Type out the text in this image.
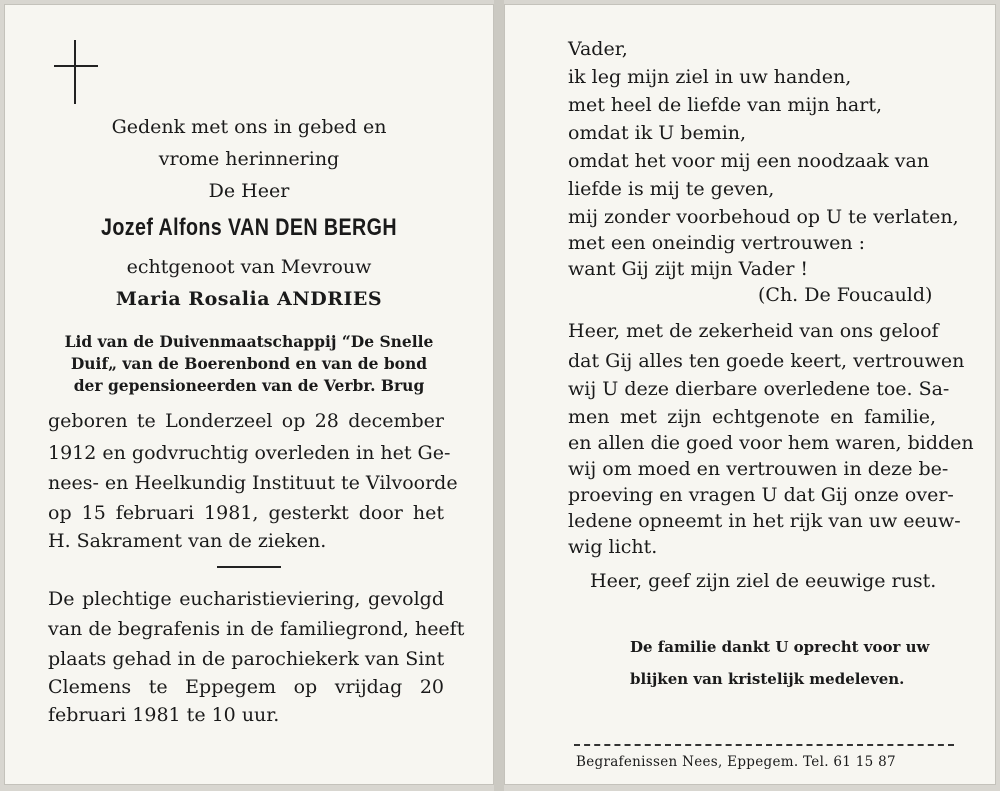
Gedenk met ons in gebed en
vrome herinnering
De Heer
Jozef Alfons VAN DEN BERGH
echtgenoot van Mevrouw
Maria Rosalia ANDRIES
Lid van de Duivenmaatschappij “De Snelle
Duif„ van de Boerenbond en van de bond
der gepensioneerden van de Verbr. Brug
geboren te Londerzeel op 28 december
1912 en godvruchtig overleden in het Ge-
nees- en Heelkundig Instituut te Vilvoorde
op 15 februari 1981, gesterkt door het
H. Sakrament van de zieken.
De plechtige eucharistieviering, gevolgd
van de begrafenis in de familiegrond, heeft
plaats gehad in de parochiekerk van Sint
Clemens te Eppegem op vrijdag 20
februari 1981 te 10 uur.
Vader,
ik leg mijn ziel in uw handen,
met heel de liefde van mijn hart,
omdat ik U bemin,
omdat het voor mij een noodzaak van
liefde is mij te geven,
mij zonder voorbehoud op U te verlaten,
met een oneindig vertrouwen :
want Gij zijt mijn Vader !
(Ch. De Foucauld)
Heer, met de zekerheid van ons geloof
dat Gij alles ten goede keert, vertrouwen
wij U deze dierbare overledene toe. Sa-
men met zijn echtgenote en familie,
en allen die goed voor hem waren, bidden
wij om moed en vertrouwen in deze be-
proeving en vragen U dat Gij onze over-
ledene opneemt in het rijk van uw eeuw-
wig licht.
Heer, geef zijn ziel de eeuwige rust.
De familie dankt U oprecht voor uw
blijken van kristelijk medeleven.
Begrafenissen Nees, Eppegem. Tel. 61 15 87
